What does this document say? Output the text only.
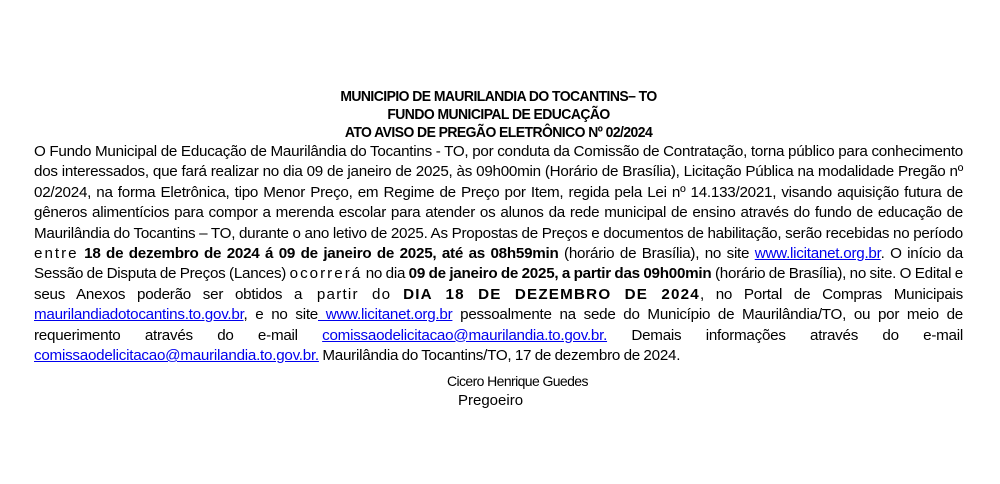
MUNICIPIO DE MAURILANDIA DO TOCANTINS– TO
FUNDO MUNICIPAL DE EDUCAÇÃO
ATO AVISO DE PREGÃO ELETRÔNICO Nº 02/2024

O Fundo Municipal de Educação de Maurilândia do Tocantins - TO, por conduta da Comissão de Contratação, torna público para conhecimento dos interessados, que fará realizar no dia 09 de janeiro de 2025, às 09h00min (Horário de Brasília), Licitação Pública na modalidade Pregão nº 02/2024, na forma Eletrônica, tipo Menor Preço, em Regime de Preço por Item, regida pela Lei nº 14.133/2021, visando aquisição futura de gêneros alimentícios para compor a merenda escolar para atender os alunos da rede municipal de ensino através do fundo de educação de Maurilândia do Tocantins – TO, durante o ano letivo de 2025. As Propostas de Preços e documentos de habilitação, serão recebidas no período entre 18 de dezembro de 2024 á 09 de janeiro de 2025, até as 08h59min (horário de Brasília), no site www.licitanet.org.br. O início da Sessão de Disputa de Preços (Lances) ocorrerá no dia 09 de janeiro de 2025, a partir das 09h00min (horário de Brasília), no site. O Edital e seus Anexos poderão ser obtidos a partir do DIA 18 DE DEZEMBRO DE 2024, no Portal de Compras Municipais maurilandiadotocantins.to.gov.br, e no site www.licitanet.org.br pessoalmente na sede do Município de Maurilândia/TO, ou por meio de requerimento através do e-mail comissaodelicitacao@maurilandia.to.gov.br. Demais informações através do e-mail comissaodelicitacao@maurilandia.to.gov.br. Maurilândia do Tocantins/TO, 17 de dezembro de 2024.

Cicero Henrique Guedes
Pregoeiro
